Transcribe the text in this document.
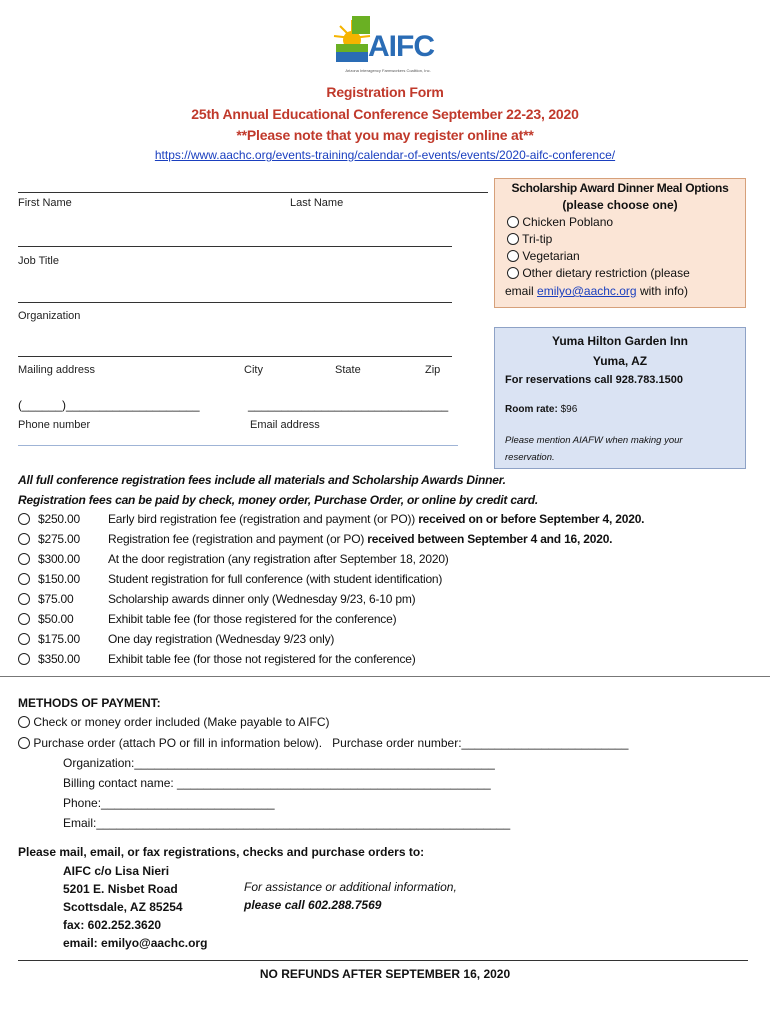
AIFC
Arizona Interagency Farmworkers Coalition, Inc.
Registration Form
25th Annual Educational Conference September 22-23, 2020
**Please note that you may register online at**
https://www.aachc.org/events-training/calendar-of-events/events/2020-aifc-conference/
First Name	Last Name
Job Title
Organization
Mailing address	City	State	Zip
(______)____________________	______________________________
Phone number	Email address
Scholarship Award Dinner Meal Options
(please choose one)
Chicken Poblano
Tri-tip
Vegetarian
Other dietary restriction (please
email emilyo@aachc.org with info)
Yuma Hilton Garden Inn
Yuma, AZ
For reservations call 928.783.1500
Room rate: $96
Please mention AIAFW when making your reservation.
All full conference registration fees include all materials and Scholarship Awards Dinner.
Registration fees can be paid by check, money order, Purchase Order, or online by credit card.
$250.00 Early bird registration fee (registration and payment (or PO)) received on or before September 4, 2020.
$275.00 Registration fee (registration and payment (or PO) received between September 4 and 16, 2020.
$300.00 At the door registration (any registration after September 18, 2020)
$150.00 Student registration for full conference (with student identification)
$75.00	Scholarship awards dinner only (Wednesday 9/23, 6-10 pm)
$50.00	Exhibit table fee (for those registered for the conference)
$175.00 One day registration (Wednesday 9/23 only)
$350.00 Exhibit table fee (for those not registered for the conference)
METHODS OF PAYMENT:
Check or money order included (Make payable to AIFC)
Purchase order (attach PO or fill in information below).   Purchase order number:_________________________
Organization:______________________________________________________
Billing contact name: _______________________________________________
Phone:__________________________
Email:______________________________________________________________
Please mail, email, or fax registrations, checks and purchase orders to:
AIFC c/o Lisa Nieri
5201 E. Nisbet Road
Scottsdale, AZ 85254
fax: 602.252.3620
email: emilyo@aachc.org
For assistance or additional information,
please call 602.288.7569
NO REFUNDS AFTER SEPTEMBER 16, 2020
